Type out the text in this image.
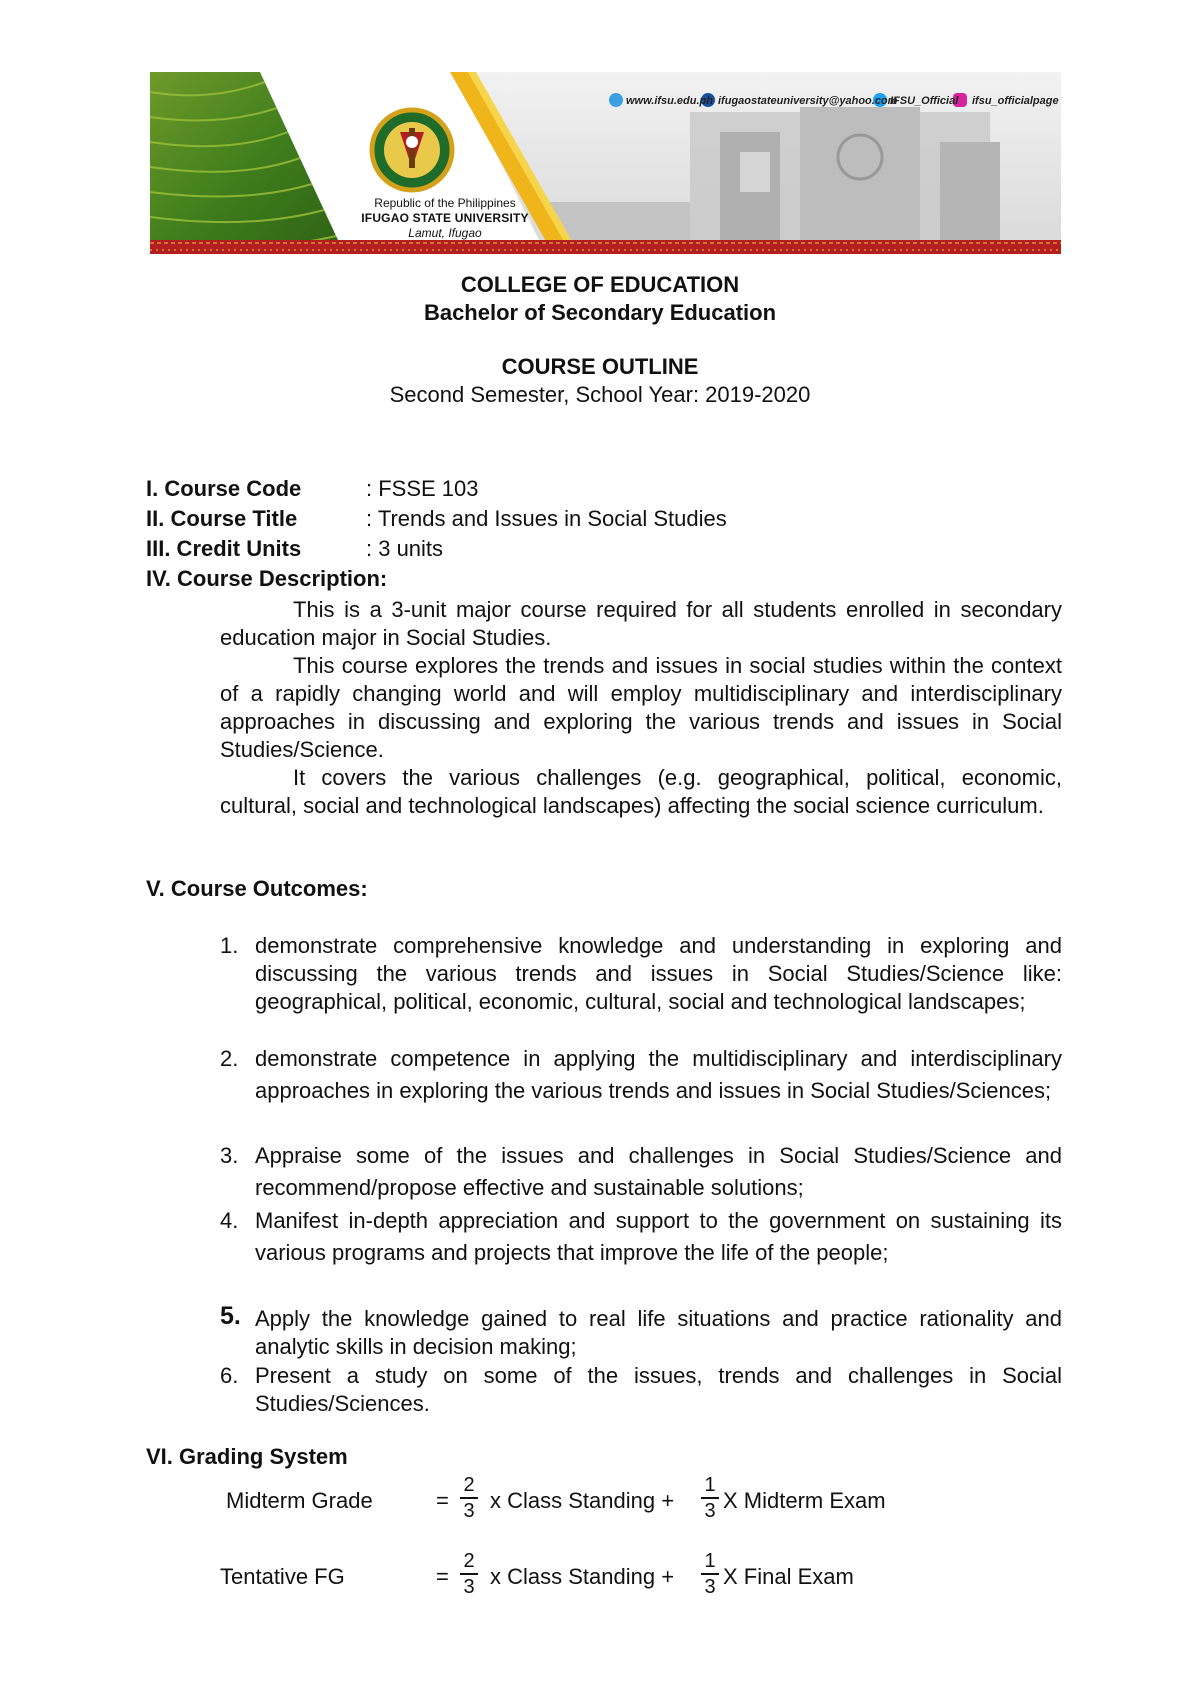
www.ifsu.edu.ph ifugaostateuniversity@yahoo.com
IFSU_Official ifsu_officialpage
Republic of the Philippines
IFUGAO STATE UNIVERSITY
Lamut, Ifugao
COLLEGE OF EDUCATION
Bachelor of Secondary Education
COURSE OUTLINE
Second Semester, School Year: 2019-2020
I. Course Code	: FSSE 103
II. Course Title	: Trends and Issues in Social Studies
III. Credit Units	: 3 units
IV. Course Description:
This is a 3-unit major course required for all students enrolled in secondary education major in Social Studies.
This course explores the trends and issues in social studies within the context of a rapidly changing world and will employ multidisciplinary and interdisciplinary approaches in discussing and exploring the various trends and issues in Social Studies/Science.
It covers the various challenges (e.g. geographical, political, economic, cultural, social and technological landscapes) affecting the social science curriculum.
V. Course Outcomes:
1. demonstrate comprehensive knowledge and understanding in exploring and discussing the various trends and issues in Social Studies/Science like: geographical, political, economic, cultural, social and technological landscapes;
2. demonstrate competence in applying the multidisciplinary and interdisciplinary approaches in exploring the various trends and issues in Social Studies/Sciences;
3. Appraise some of the issues and challenges in Social Studies/Science and recommend/propose effective and sustainable solutions;
4. Manifest in-depth appreciation and support to the government on sustaining its various programs and projects that improve the life of the people;
5. Apply the knowledge gained to real life situations and practice rationality and analytic skills in decision making;
6. Present a study on some of the issues, trends and challenges in Social Studies/Sciences.
VI. Grading System
Midterm Grade	=
2
3 x Class Standing +
1
3 X Midterm Exam
Tentative FG	=
2
3 x Class Standing +
1
3 X Final Exam
